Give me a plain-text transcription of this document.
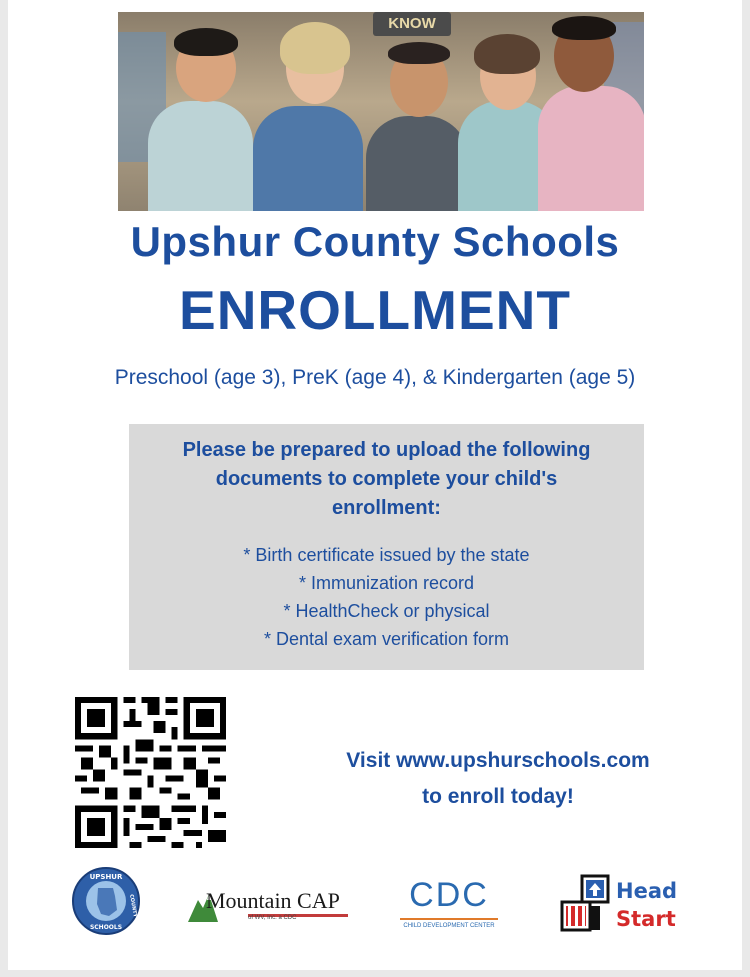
KNOW
Upshur County Schools
ENROLLMENT
Preschool (age 3), PreK (age 4), & Kindergarten (age 5)
Please be prepared to upload the following
documents to complete your child's
enrollment:
* Birth certificate issued by the state
* Immunization record
* HealthCheck or physical
* Dental exam verification form
Visit www.upshurschools.com
to enroll today!
UPSHUR
COUNTY
SCHOOLS
Mountain CAP
of WV, Inc. a CDC
CDC
CHILD DEVELOPMENT CENTER
Head
Start
